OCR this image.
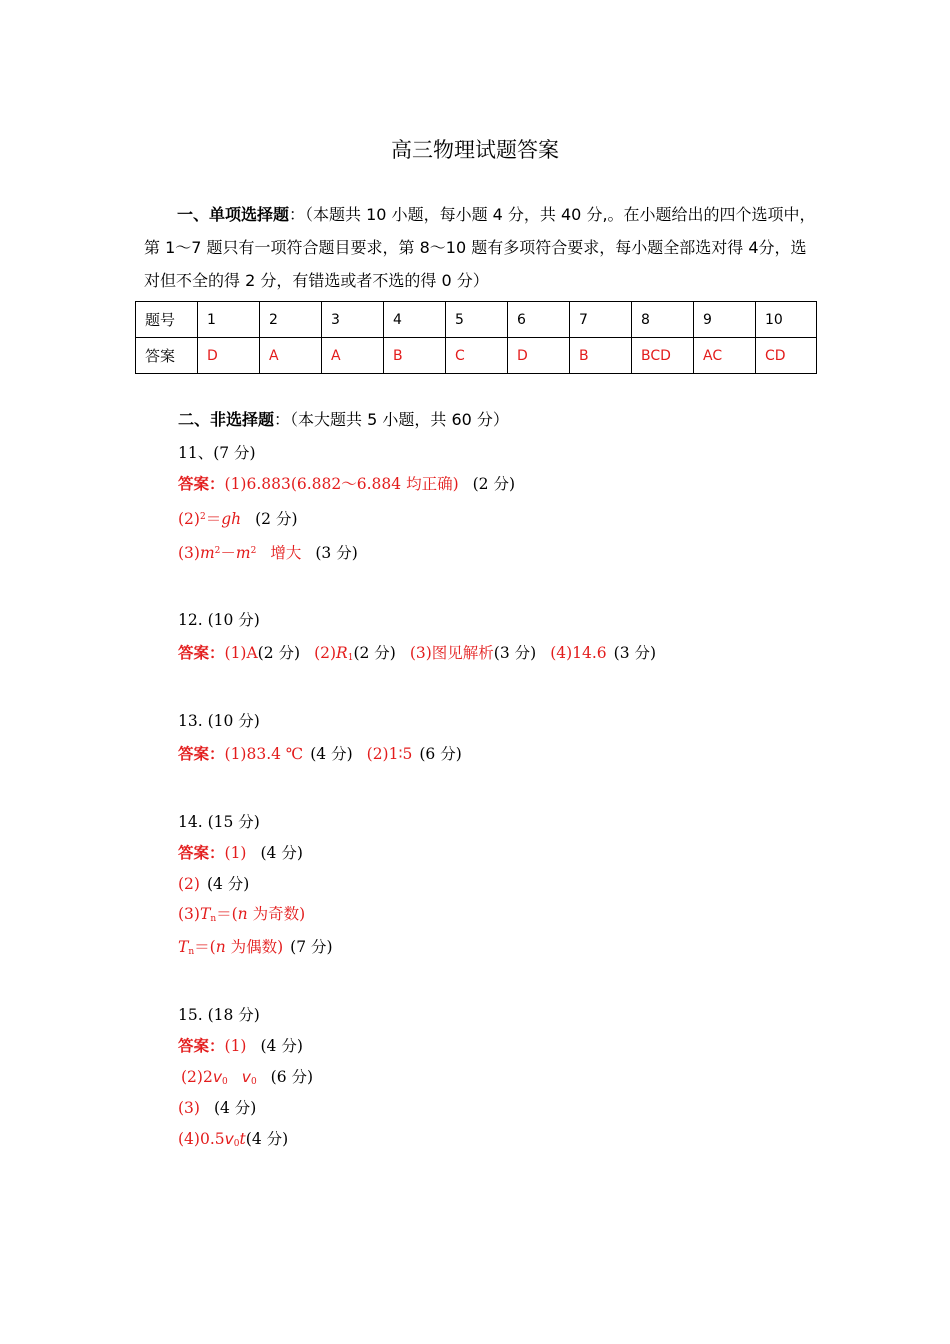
高三物理试题答案
一、单项选择题：（本题共 10 小题，每小题 4 分，共 40 分,。在小题给出的四个选项中，第 1～7 题只有一项符合题目要求，第 8～10 题有多项符合要求，每小题全部选对得 4分，选对但不全的得 2 分，有错选或者不选的得 0 分）
题号	1	2	3	4	5	6	7	8	9	10
答案	D	A	A	B	C	D	B	BCD	AC	CD
二、非选择题：（本大题共 5 小题，共 60 分）
11、(7 分)
答案：(1)6.883(6.882～6.884 均正确) (2 分)
$(2)^2=gh$ (2 分)
$(3)m^2-m^2$ 增大 (3 分)
12. (10 分)
答案：(1)A(2 分) $(2)R_1(2$ 分) (3)图见解析(3 分) (4)14.6 (3 分)
13. (10 分)
答案：(1)83.4 ℃ (4 分) (2)1∶5 (6 分)
14. (15 分)
答案：(1) (4 分)
(2) (4 分)
$(3)T_n=(n$ 为奇数)
$T_n=(n$ 为偶数) (7 分)
15. (18 分)
答案：(1) (4 分)
$(2)2v_0$ $v_0$ (6 分)
(3) (4 分)
$(4)0.5v_0t(4$ 分)
